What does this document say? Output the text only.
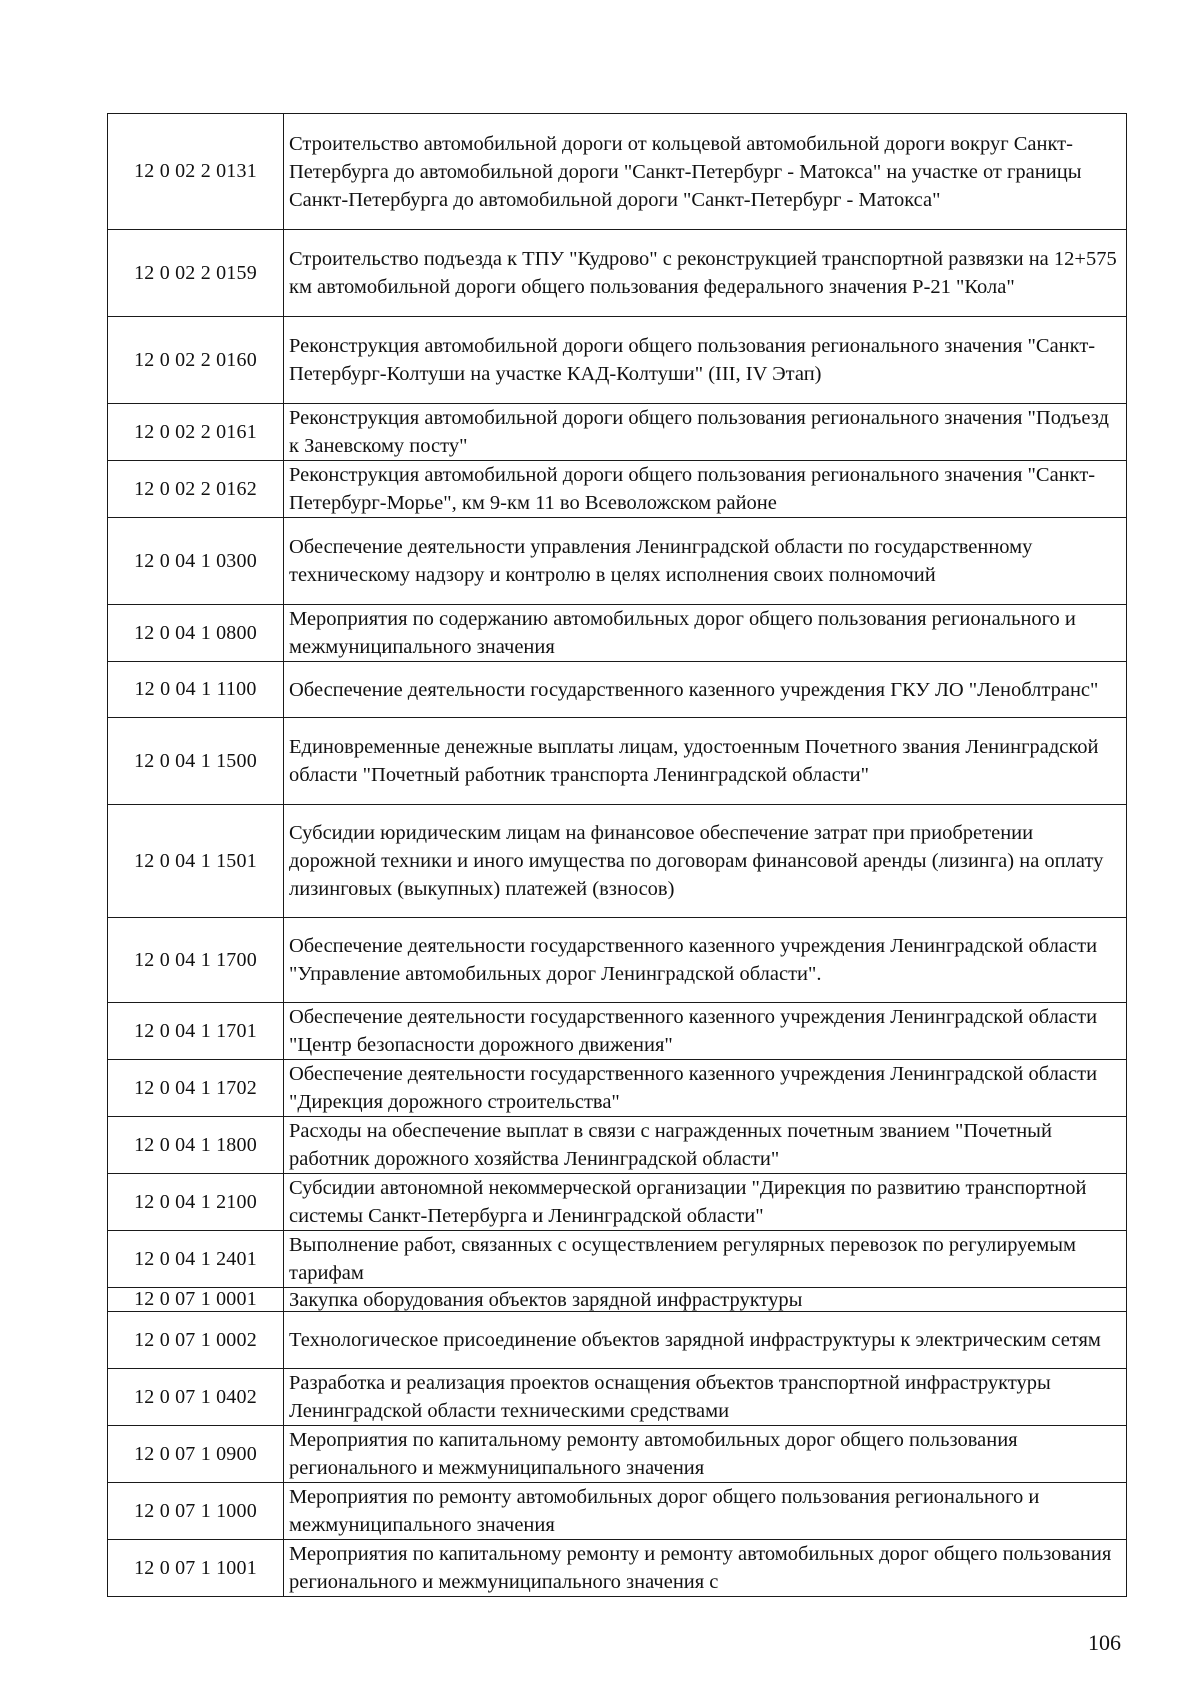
12 0 02 2 0131	Строительство автомобильной дороги от кольцевой автомобильной дороги вокруг Санкт-Петербурга до автомобильной дороги "Санкт-Петербург - Матокса" на участке от границы Санкт-Петербурга до автомобильной дороги "Санкт-Петербург - Матокса"
12 0 02 2 0159	Строительство подъезда к ТПУ "Кудрово" с реконструкцией транспортной развязки на 12+575 км автомобильной дороги общего пользования федерального значения Р-21 "Кола"
12 0 02 2 0160	Реконструкция автомобильной дороги общего пользования регионального значения "Санкт-Петербург-Колтуши на участке КАД-Колтуши" (III, IV Этап)
12 0 02 2 0161	Реконструкция автомобильной дороги общего пользования регионального значения "Подъезд к Заневскому посту"
12 0 02 2 0162	Реконструкция автомобильной дороги общего пользования регионального значения "Санкт-Петербург-Морье", км 9-км 11 во Всеволожском районе
12 0 04 1 0300	Обеспечение деятельности управления Ленинградской области по государственному техническому надзору и контролю в целях исполнения своих полномочий
12 0 04 1 0800	Мероприятия по содержанию автомобильных дорог общего пользования регионального и межмуниципального значения
12 0 04 1 1100	Обеспечение деятельности государственного казенного учреждения ГКУ ЛО "Леноблтранс"
12 0 04 1 1500	Единовременные денежные выплаты лицам, удостоенным Почетного звания Ленинградской области "Почетный работник транспорта Ленинградской области"
12 0 04 1 1501	Субсидии юридическим лицам на финансовое обеспечение затрат при приобретении дорожной техники и иного имущества по договорам финансовой аренды (лизинга) на оплату лизинговых (выкупных) платежей (взносов)
12 0 04 1 1700	Обеспечение деятельности государственного казенного учреждения Ленинградской области "Управление автомобильных дорог Ленинградской области".
12 0 04 1 1701	Обеспечение деятельности государственного казенного учреждения Ленинградской области "Центр безопасности дорожного движения"
12 0 04 1 1702	Обеспечение деятельности государственного казенного учреждения Ленинградской области "Дирекция дорожного строительства"
12 0 04 1 1800	Расходы на обеспечение выплат в связи с награжденных почетным званием "Почетный работник дорожного хозяйства Ленинградской области"
12 0 04 1 2100	Субсидии автономной некоммерческой организации "Дирекция по развитию транспортной системы Санкт-Петербурга и Ленинградской области"
12 0 04 1 2401	Выполнение работ, связанных с осуществлением регулярных перевозок по регулируемым тарифам
12 0 07 1 0001	Закупка оборудования объектов зарядной инфраструктуры
12 0 07 1 0002	Технологическое присоединение объектов зарядной инфраструктуры к электрическим сетям
12 0 07 1 0402	Разработка и реализация проектов оснащения объектов транспортной инфраструктуры Ленинградской области техническими средствами
12 0 07 1 0900	Мероприятия по капитальному ремонту автомобильных дорог общего пользования регионального и межмуниципального значения
12 0 07 1 1000	Мероприятия по ремонту автомобильных дорог общего пользования регионального и межмуниципального значения
12 0 07 1 1001	Мероприятия по капитальному ремонту и ремонту автомобильных дорог общего пользования регионального и межмуниципального значения с
106
